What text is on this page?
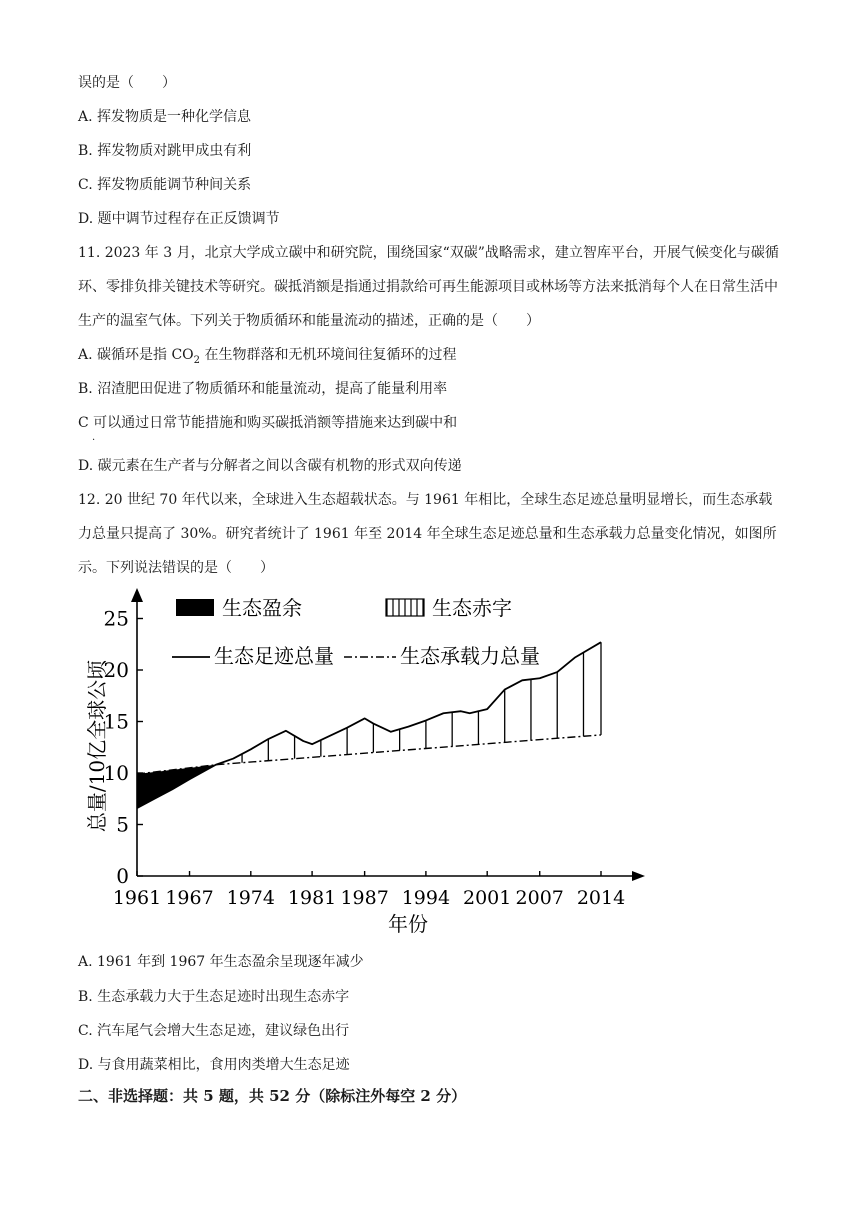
误的是（　　）
A. 挥发物质是一种化学信息
B. 挥发物质对跳甲成虫有利
C. 挥发物质能调节种间关系
D. 题中调节过程存在正反馈调节
11. 2023 年 3 月，北京大学成立碳中和研究院，围绕国家“双碳”战略需求，建立智库平台，开展气候变化与碳循环、零排负排关键技术等研究。碳抵消额是指通过捐款给可再生能源项目或林场等方法来抵消每个人在日常生活中生产的温室气体。下列关于物质循环和能量流动的描述，正确的是（　　）
A. 碳循环是指 $CO_2$ 在生物群落和无机环境间往复循环的过程
B. 沼渣肥田促进了物质循环和能量流动，提高了能量利用率
C 可以通过日常节能措施和购买碳抵消额等措施来达到碳中和
.
D. 碳元素在生产者与分解者之间以含碳有机物的形式双向传递
12. 20 世纪 70 年代以来，全球进入生态超载状态。与 1961 年相比，全球生态足迹总量明显增长，而生态承载力总量只提高了 30%。研究者统计了 1961 年至 2014 年全球生态足迹总量和生态承载力总量变化情况，如图所示。下列说法错误的是（　　）
0
5
10
15
20
25
1961 1967 1974 1981 1987 1994 2001 2007 2014
年份
总量/10亿全球公顷
生态盈余	生态赤字
生态足迹总量	生态承载力总量
A. 1961 年到 1967 年生态盈余呈现逐年减少
B. 生态承载力大于生态足迹时出现生态赤字
C. 汽车尾气会增大生态足迹，建议绿色出行
D. 与食用蔬菜相比，食用肉类增大生态足迹
二、非选择题：共 5 题，共 52 分（除标注外每空 2 分）
